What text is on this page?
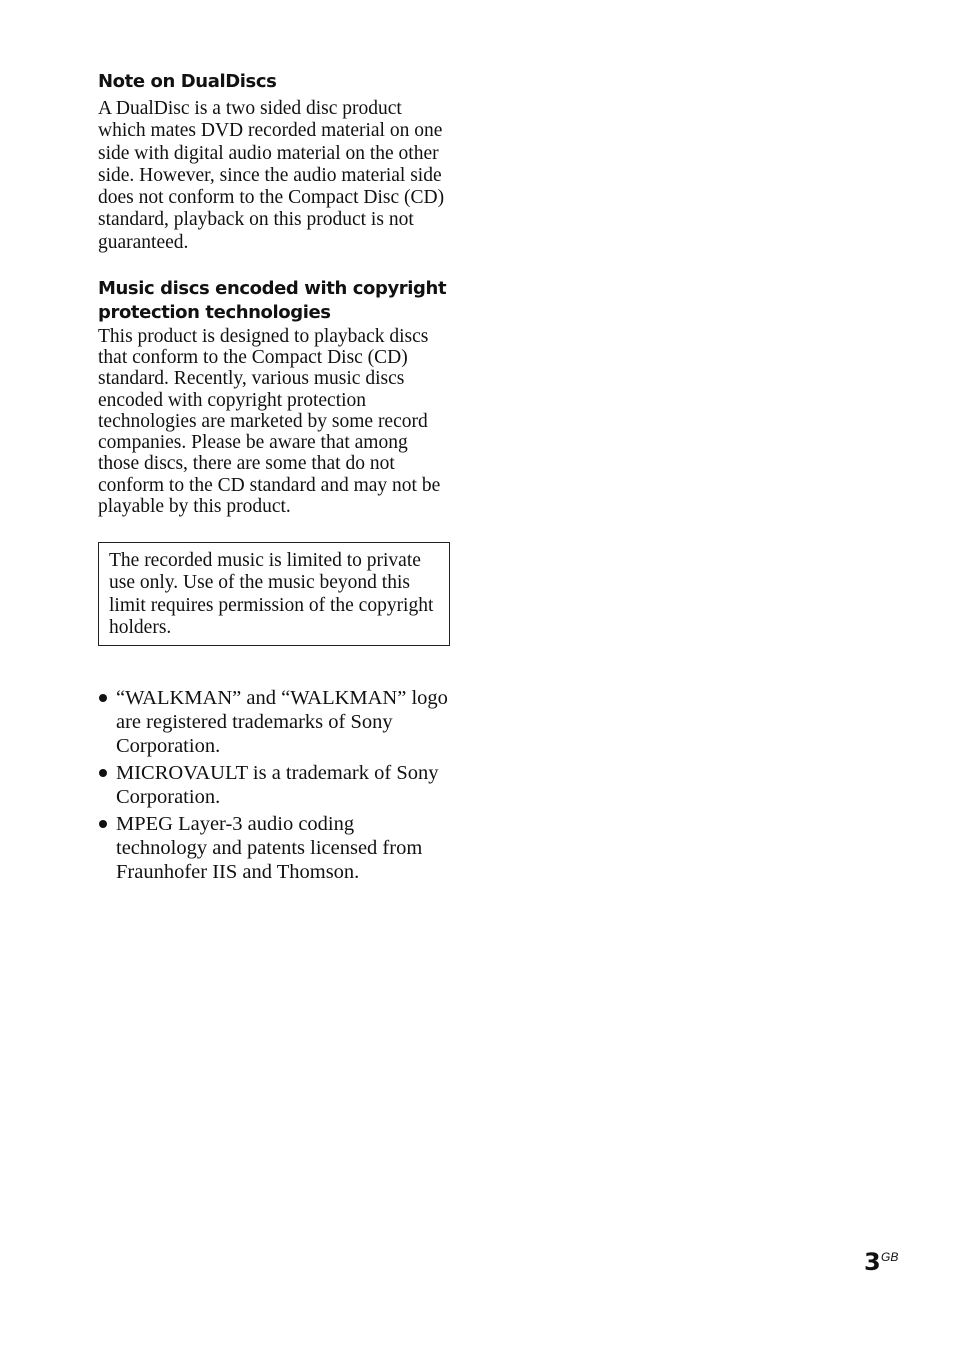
Note on DualDiscs

A DualDisc is a two sided disc product which mates DVD recorded material on one side with digital audio material on the other side. However, since the audio material side does not conform to the Compact Disc (CD) standard, playback on this product is not guaranteed.

Music discs encoded with copyright protection technologies

This product is designed to playback discs that conform to the Compact Disc (CD) standard. Recently, various music discs encoded with copyright protection technologies are marketed by some record companies. Please be aware that among those discs, there are some that do not conform to the CD standard and may not be playable by this product.

The recorded music is limited to private use only. Use of the music beyond this limit requires permission of the copyright holders.

“WALKMAN” and “WALKMAN” logo are registered trademarks of Sony Corporation.
MICROVAULT is a trademark of Sony Corporation.
MPEG Layer-3 audio coding technology and patents licensed from Fraunhofer IIS and Thomson.
3 GB
